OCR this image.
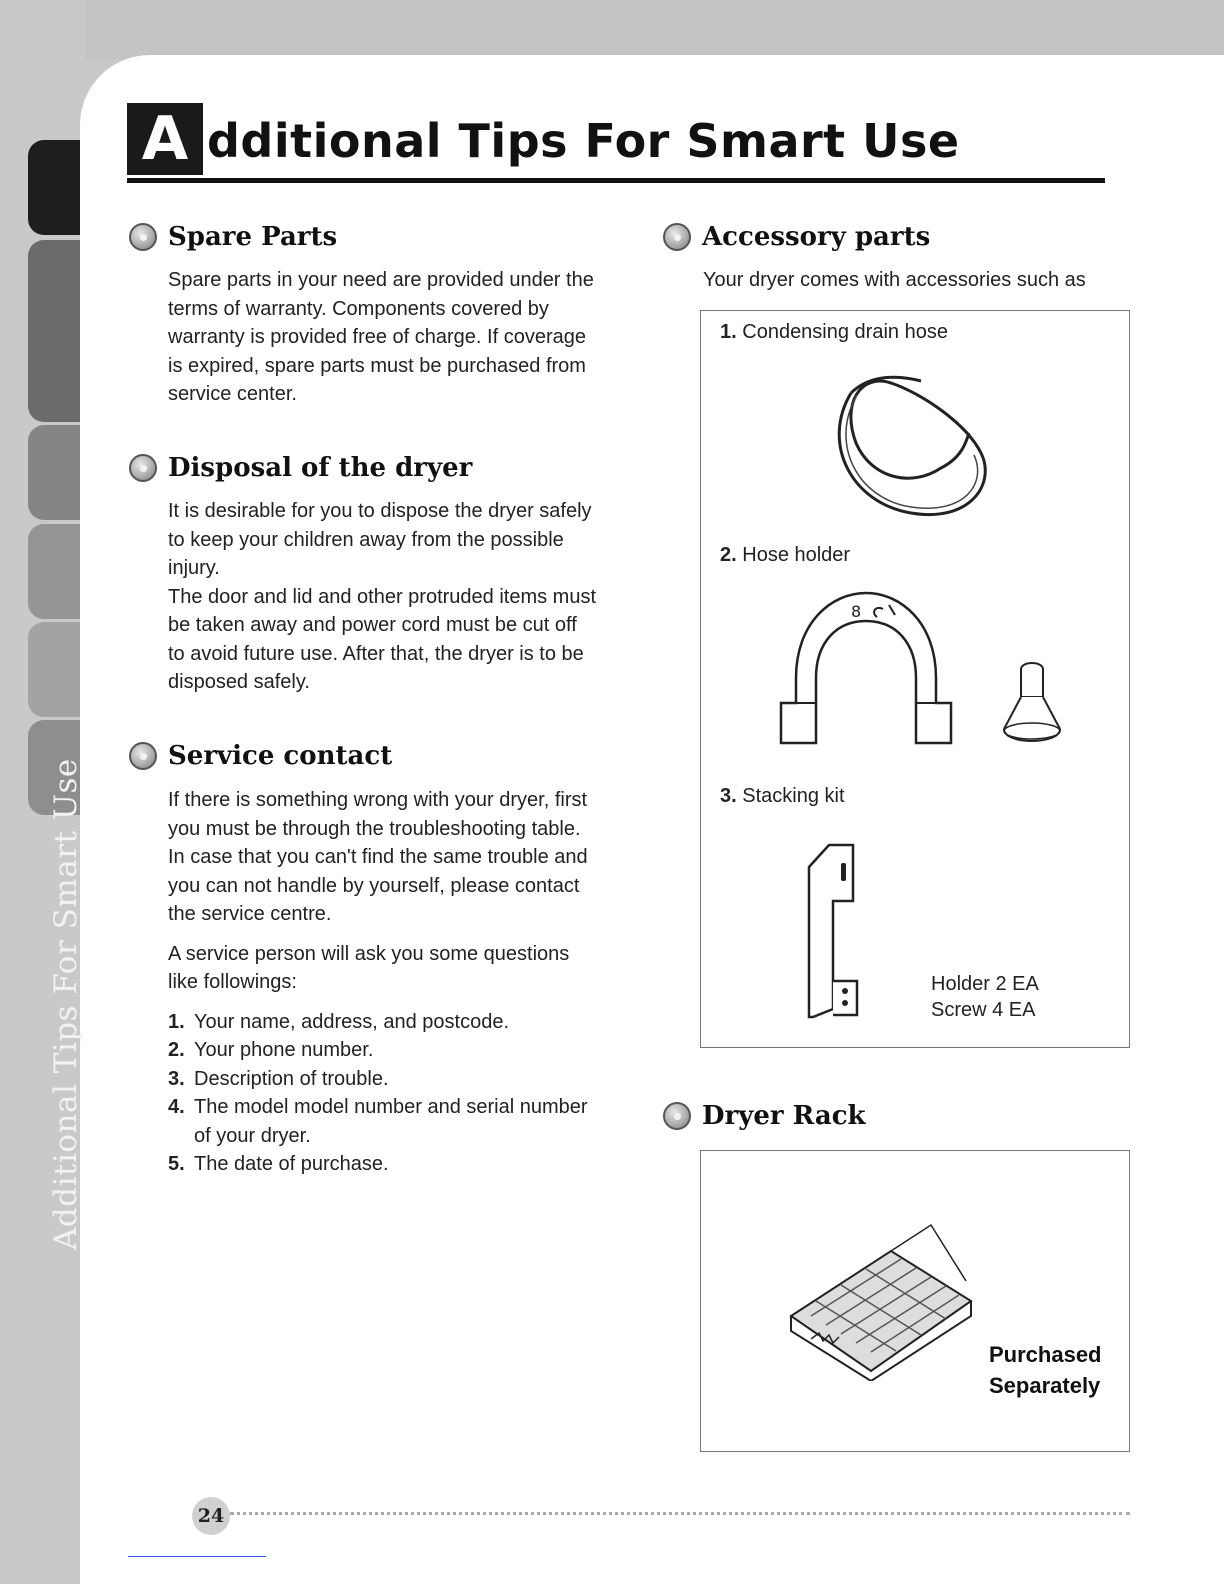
Additional Tips For Smart Use
A dditional Tips For Smart Use
Spare Parts

Spare parts in your need are provided under the

terms of warranty. Components covered by

warranty is provided free of charge. If coverage

is expired, spare parts must be purchased from

service center.

Disposal of the dryer

It is desirable for you to dispose the dryer safely

to keep your children away from the possible

injury.

The door and lid and other protruded items must

be taken away and power cord must be cut off

to avoid future use. After that, the dryer is to be

disposed safely.

Service contact

If there is something wrong with your dryer, first

you must be through the troubleshooting table.

In case that you can't find the same trouble and

you can not handle by yourself, please contact

the service centre.

A service person will ask you some questions

like followings:

1. Your name, address, and postcode.
2. Your phone number.
3. Description of trouble.
4. The model model number and serial number
of your dryer.
5. The date of purchase.
Accessory parts
Your dryer comes with accessories such as
1. Condensing drain hose
2. Hose holder
8
3. Stacking kit
Holder 2 EA
Screw 4 EA
Dryer Rack
Purchased
Separately
24
